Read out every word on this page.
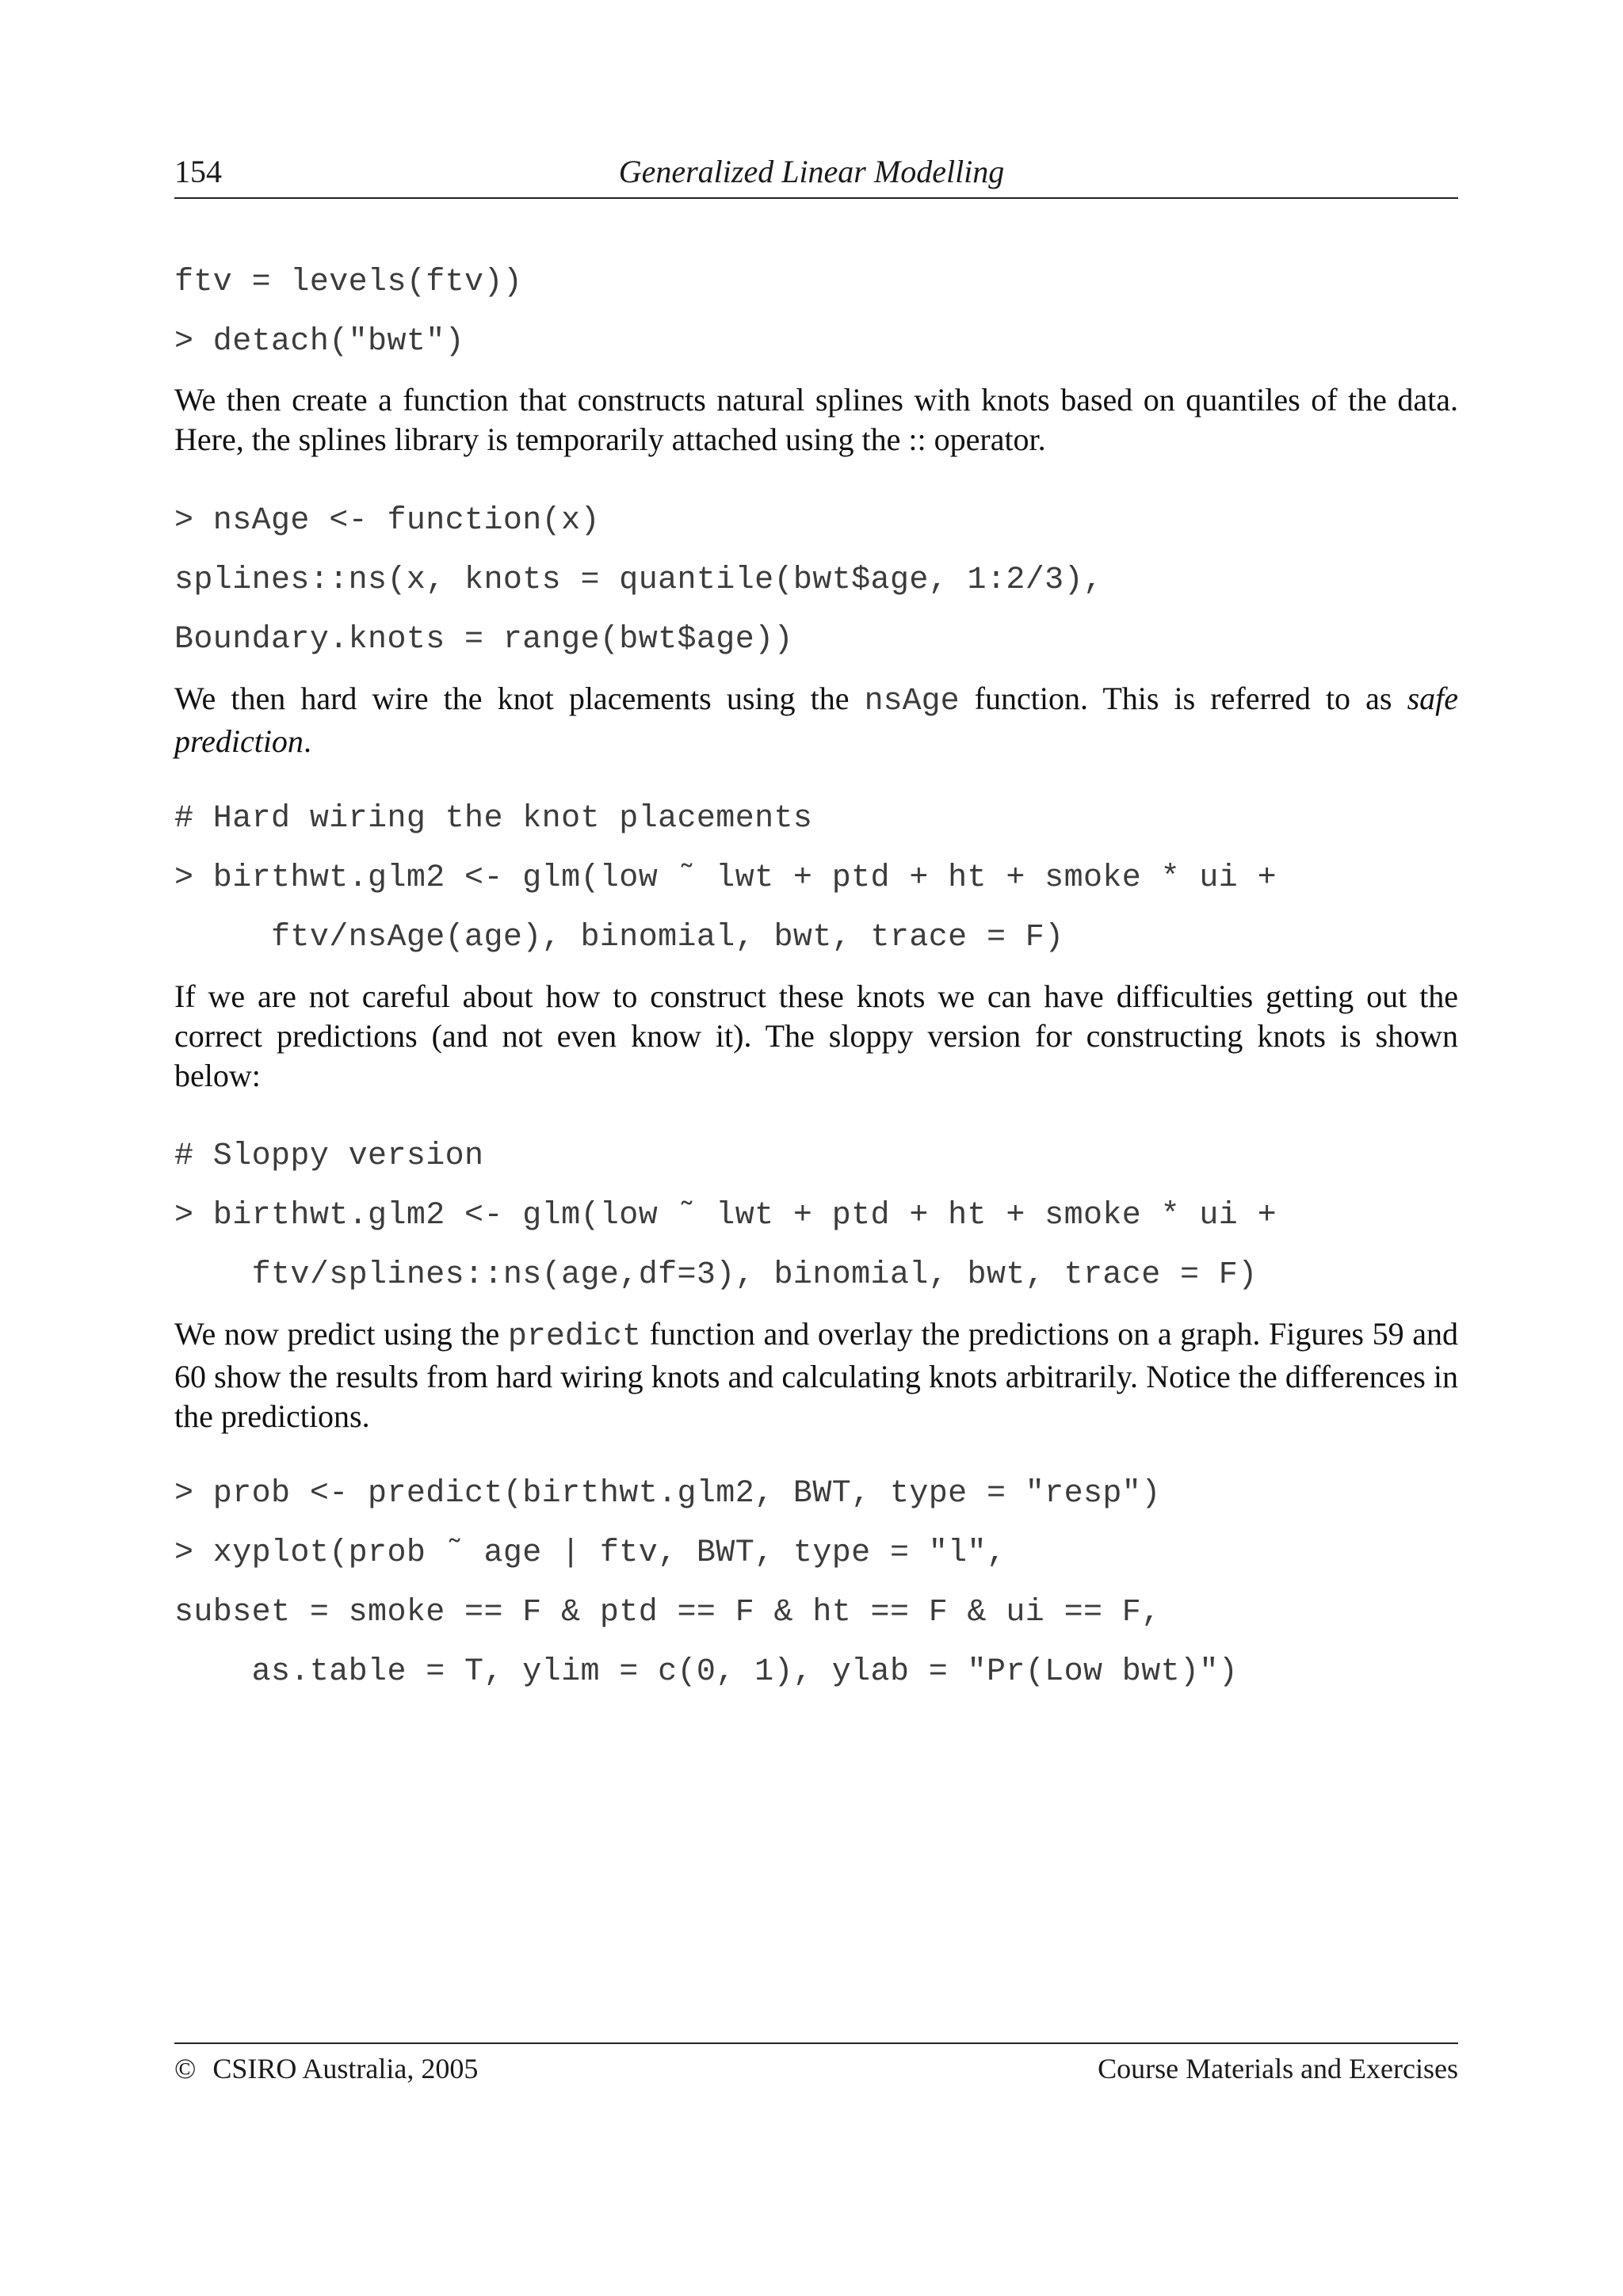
154	Generalized Linear Modelling
ftv = levels(ftv))
> detach("bwt")
We then create a function that constructs natural splines with knots based on quantiles of the data. Here, the splines library is temporarily attached using the :: operator.
> nsAge <- function(x)
splines::ns(x, knots = quantile(bwt$age, 1:2/3),
Boundary.knots = range(bwt$age))
We then hard wire the knot placements using the nsAge function. This is referred to as safe prediction.
# Hard wiring the knot placements
> birthwt.glm2 <- glm(low ˜ lwt + ptd + ht + smoke * ui +
ftv/nsAge(age), binomial, bwt, trace = F)
If we are not careful about how to construct these knots we can have difficulties getting out the correct predictions (and not even know it). The sloppy version for constructing knots is shown below:
# Sloppy version
> birthwt.glm2 <- glm(low ˜ lwt + ptd + ht + smoke * ui +
ftv/splines::ns(age,df=3), binomial, bwt, trace = F)
We now predict using the predict function and overlay the predictions on a graph. Figures 59 and 60 show the results from hard wiring knots and calculating knots arbitrarily. Notice the differences in the predictions.
> prob <- predict(birthwt.glm2, BWT, type = "resp")
> xyplot(prob ˜ age | ftv, BWT, type = "l",
subset = smoke == F & ptd == F & ht == F & ui == F,
as.table = T, ylim = c(0, 1), ylab = "Pr(Low bwt)")
© CSIRO Australia, 2005	Course Materials and Exercises
